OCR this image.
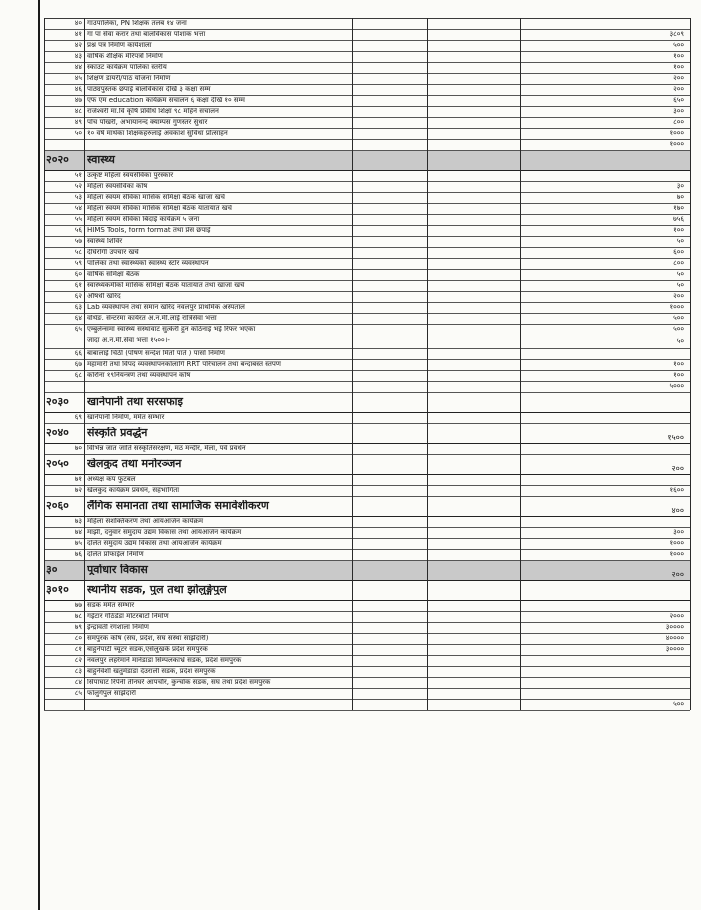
४० गाउपालिका, PN शिक्षक तलब १४ जना
४१ गा पा सेवा करार तथा बालविकास पोशाक भत्ता	३८०९
४२ प्रश्न पत्र निर्माण कार्यशाला	५००
४३ वार्षिक शैक्षिक मेरिपत्रो निर्माण	१००
४४ स्काउट कार्यक्रम पालिका स्तरीय	१००
४५ शिक्षण डायरी/पाठ योजना निर्माण	२००
४६ पाठ्यपुस्तक छपाई बालविकास देखि ३ कक्षा सम्म	२००
४७ एफ एम education कार्यक्रम संचालन ६ कक्षा देखि १० सम्म	६५०
४८ राजेश्वरी मा.वि कृषि प्रविधि शिक्षा ९८ महिने संचालन	३००
४९ पाँच पोखरी, अभायानन्द क्याम्पस गुणस्तर सुधार	८००
५० १० वर्ष माथेका शिक्षकहरुलाई अवकाश सुविधा प्रोत्साहन	१०००
१०००
२०२०	स्वास्थ्य
५१ उत्कृष्ट महिला स्वयंसेविका पुरस्कार
५२ महिला स्वयंसेविका कोष	३०
५३ महिला स्वयंम सेविका मासिक समिक्षा बैठक खाजा खर्च	७०
५४ महिला स्वयंम सेविका मासिक समिक्षा बैठक यातायात खर्च	१७०
५५ महिला स्वयंम सेविका बिदाई कार्यक्रम ५ जना	७५६
५६ HIMS Tools, form format तथा प्रेस छपाई	१००
५७ स्वास्थ्य शिविर	५०
५८ दीर्घरोगी उपचार खर्च	६००
५९ पालिका तथा स्वास्थ्यको स्वास्थ्य स्टोर व्यवस्थापन	८००
६० वार्षिक समिक्षा बैठक	५०
६१ स्वास्थ्यकर्मीको मासिक समिक्षा बैठक यातायात तथा खाजा खर्च	५०
६२ औषधी खरिद	२००
६३ Lab व्यवस्थापन तथा समान खरिद नवलपुर प्राथमिक अस्पताल	१०००
६४ वर्थिङ. सेन्टरमा कार्यरत अ.न.मी.लाई रात्रिसेवा भत्ता	५००
६५ एम्बुलेन्समा स्वास्थ्य संस्थावाट सुत्केरी हुन कठिनाई भई रिफर भएका
जांदा अ.न.मी.सेवा भत्ता १५००।-	५०
५००
६६ बाबालाई चिठी (पोषण सन्देश मितो पाते ) पासो निर्माण
६७ महामारी तथा विपद व्यवस्थापनकोलागि RRT परिचालन तथा बन्दाबस्त स्तपण	१००
६८ कोरोना १९नियन्त्रण तथा व्यवस्थापन कोष	१००
५०००
२०३०	खानेपानी तथा सरसफाइ
६९ खानेपानी निर्माण, मर्मत सम्भार
२०४०	संस्कृति प्रवर्द्धन	१५००
७० विभिन्न जात जाति संस्कृतिसंरक्षण, मठ मन्दीर, मेला, पर्व प्रवर्धन
२०५०	खेलकुद तथा मनोरञ्जन	२००
७१ अध्यक्ष कप फुटबल
७२ खेलकुद कार्यक्रम प्रवर्धन, सहभागिता	१६००
२०६०	लैंगिक समानता तथा सामाजिक समावेशीकरण	४००
७३ महिला सशक्तिकरण तथा आयआर्जन कार्यक्रम
७४ माझी, दनुवार समुदाय उद्यम विकास तथा आयआर्जन कार्यक्रम	३००
७५ दलित समुदाय उद्यम विकास तथा आयआर्जन कार्यक्रम	१०००
७६ दलित प्रोफाईल निर्माण	१०००
३०	पूर्वाधार विकास	२००
३०१०	स्थानीय सडक, पुल तथा झोलुङ्गेपुल
७७ सडक मर्मत सम्भार
७८ गईटार गौठेडेडा मोटरबाटो निर्माण	२०००
७९ ईन्द्रावती रगशाला निर्माण	३००००
८० समपुरक कोष (संघ, प्रदेश, संघ संस्था साझेदारी)	४००००
८१ बाहुनेपाटी च्यूटर सडक,एसेलुखर्क प्रदेश समपुरक	३००००
८२ नवलपुर लहरेमाने मानेडाडा सिम्पलकाभ्रे सडक, प्रदेश समपुरक
८३ बाहुनेवेशी खतुमेडाडा देउराली सडक, प्रदेश समपुरक
८४ सिपाघाट रिपेनी तीनघरे आपचौर, कुन्चोक सडक, संघ तथा प्रदेश समपुरक
८५ फोलुंगेपुल साझेदारी
५००
